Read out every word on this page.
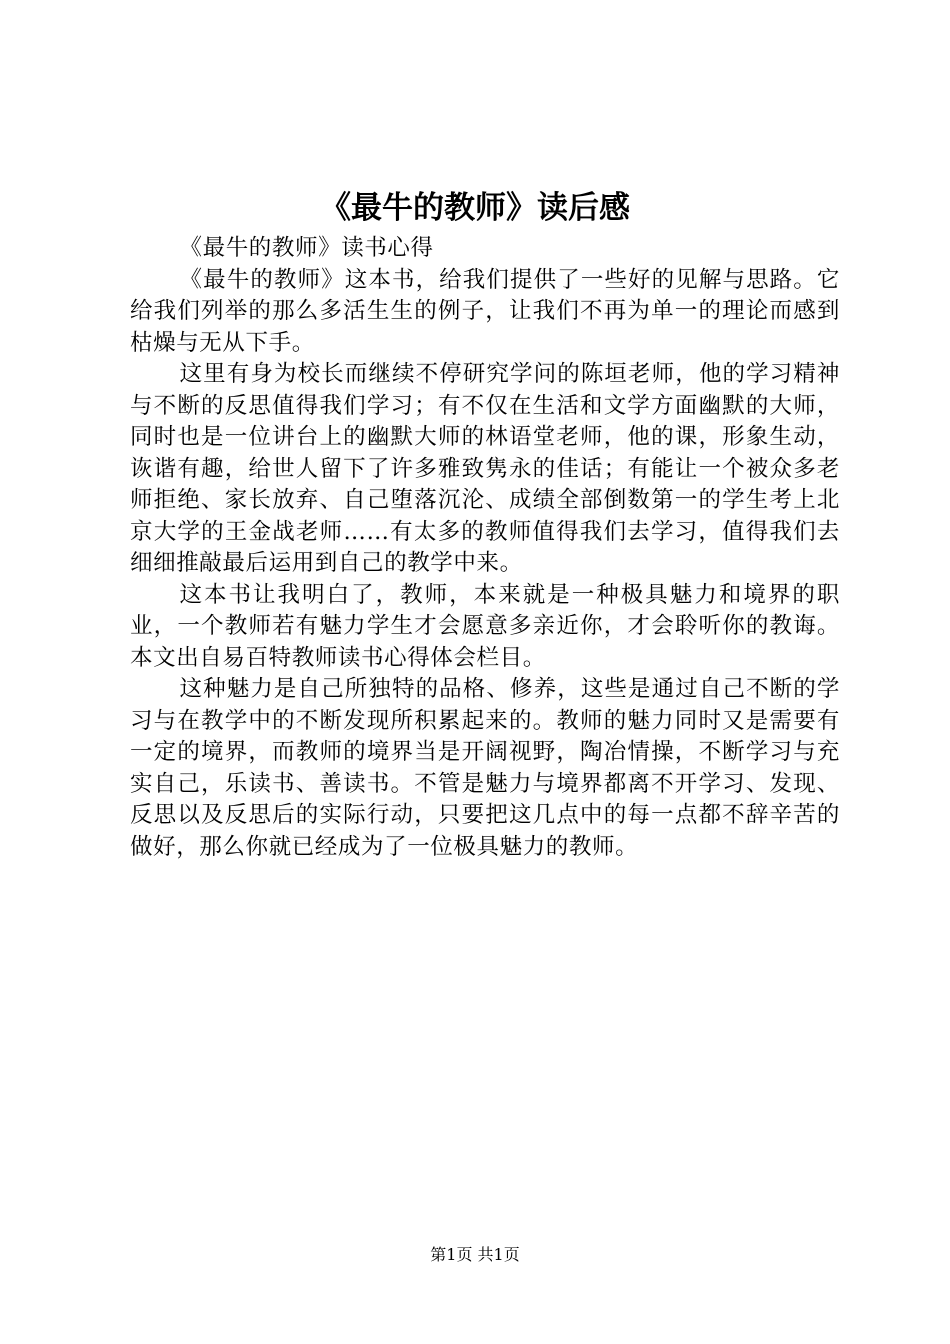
《最牛的教师》读后感

《最牛的教师》读书心得

《最牛的教师》这本书，给我们提供了一些好的见解与思路。它给我们列举的那么多活生生的例子，让我们不再为单一的理论而感到枯燥与无从下手。

这里有身为校长而继续不停研究学问的陈垣老师，他的学习精神与不断的反思值得我们学习；有不仅在生活和文学方面幽默的大师，同时也是一位讲台上的幽默大师的林语堂老师，他的课，形象生动，诙谐有趣，给世人留下了许多雅致隽永的佳话；有能让一个被众多老师拒绝、家长放弃、自己堕落沉沦、成绩全部倒数第一的学生考上北京大学的王金战老师……有太多的教师值得我们去学习，值得我们去细细推敲最后运用到自己的教学中来。

这本书让我明白了，教师，本来就是一种极具魅力和境界的职业，一个教师若有魅力学生才会愿意多亲近你，才会聆听你的教诲。本文出自易百特教师读书心得体会栏目。

这种魅力是自己所独特的品格、修养，这些是通过自己不断的学习与在教学中的不断发现所积累起来的。教师的魅力同时又是需要有一定的境界，而教师的境界当是开阔视野，陶冶情操，不断学习与充实自己，乐读书、善读书。不管是魅力与境界都离不开学习、发现、反思以及反思后的实际行动，只要把这几点中的每一点都不辞辛苦的做好，那么你就已经成为了一位极具魅力的教师。

第1页 共1页
